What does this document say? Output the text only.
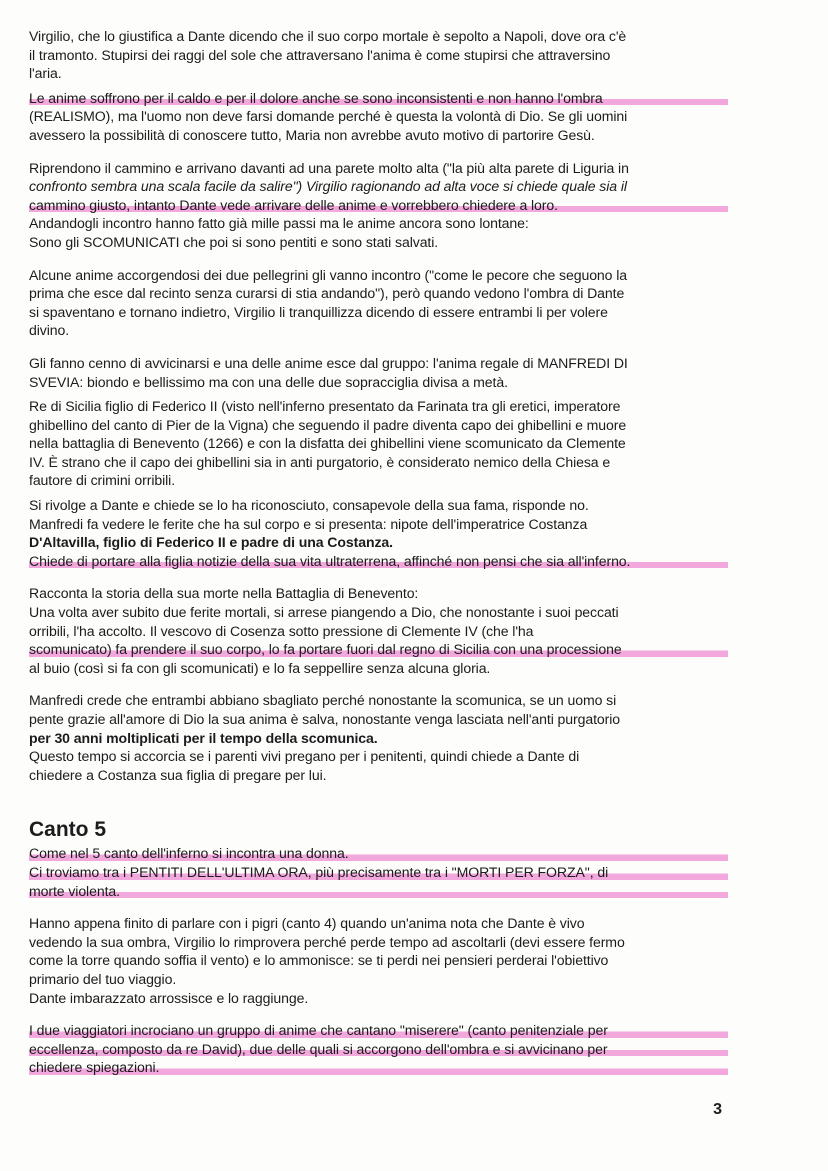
Virgilio, che lo giustifica a Dante dicendo che il suo corpo mortale è sepolto a Napoli, dove ora c'è
il tramonto. Stupirsi dei raggi del sole che attraversano l'anima è come stupirsi che attraversino
l'aria.
Le anime soffrono per il caldo e per il dolore anche se sono inconsistenti e non hanno l'ombra
(REALISMO), ma l'uomo non deve farsi domande perché è questa la volontà di Dio. Se gli uomini
avessero la possibilità di conoscere tutto, Maria non avrebbe avuto motivo di partorire Gesù.
Riprendono il cammino e arrivano davanti ad una parete molto alta ("la più alta parete di Liguria in
confronto sembra una scala facile da salire") Virgilio ragionando ad alta voce si chiede quale sia il
cammino giusto, intanto Dante vede arrivare delle anime e vorrebbero chiedere a loro.
Andandogli incontro hanno fatto già mille passi ma le anime ancora sono lontane:
Sono gli SCOMUNICATI che poi si sono pentiti e sono stati salvati.
Alcune anime accorgendosi dei due pellegrini gli vanno incontro ("come le pecore che seguono la
prima che esce dal recinto senza curarsi di stia andando"), però quando vedono l'ombra di Dante
si spaventano e tornano indietro, Virgilio li tranquillizza dicendo di essere entrambi li per volere
divino.
Gli fanno cenno di avvicinarsi e una delle anime esce dal gruppo: l'anima regale di MANFREDI DI
SVEVIA: biondo e bellissimo ma con una delle due sopracciglia divisa a metà.
Re di Sicilia figlio di Federico II (visto nell'inferno presentato da Farinata tra gli eretici, imperatore
ghibellino del canto di Pier de la Vigna) che seguendo il padre diventa capo dei ghibellini e muore
nella battaglia di Benevento (1266) e con la disfatta dei ghibellini viene scomunicato da Clemente
IV. È strano che il capo dei ghibellini sia in anti purgatorio, è considerato nemico della Chiesa e
fautore di crimini orribili.
Si rivolge a Dante e chiede se lo ha riconosciuto, consapevole della sua fama, risponde no.
Manfredi fa vedere le ferite che ha sul corpo e si presenta: nipote dell'imperatrice Costanza
D'Altavilla, figlio di Federico II e padre di una Costanza.
Chiede di portare alla figlia notizie della sua vita ultraterrena, affinché non pensi che sia all'inferno.
Racconta la storia della sua morte nella Battaglia di Benevento:
Una volta aver subito due ferite mortali, si arrese piangendo a Dio, che nonostante i suoi peccati
orribili, l'ha accolto. Il vescovo di Cosenza sotto pressione di Clemente IV (che l'ha
scomunicato) fa prendere il suo corpo, lo fa portare fuori dal regno di Sicilia con una processione
al buio (così si fa con gli scomunicati) e lo fa seppellire senza alcuna gloria.
Manfredi crede che entrambi abbiano sbagliato perché nonostante la scomunica, se un uomo si
pente grazie all'amore di Dio la sua anima è salva, nonostante venga lasciata nell'anti purgatorio
per 30 anni moltiplicati per il tempo della scomunica.
Questo tempo si accorcia se i parenti vivi pregano per i penitenti, quindi chiede a Dante di
chiedere a Costanza sua figlia di pregare per lui.
Canto 5
Come nel 5 canto dell'inferno si incontra una donna.
Ci troviamo tra i PENTITI DELL'ULTIMA ORA, più precisamente tra i "MORTI PER FORZA", di
morte violenta.
Hanno appena finito di parlare con i pigri (canto 4) quando un'anima nota che Dante è vivo
vedendo la sua ombra, Virgilio lo rimprovera perché perde tempo ad ascoltarli (devi essere fermo
come la torre quando soffia il vento) e lo ammonisce: se ti perdi nei pensieri perderai l'obiettivo
primario del tuo viaggio.
Dante imbarazzato arrossisce e lo raggiunge.
I due viaggiatori incrociano un gruppo di anime che cantano "miserere" (canto penitenziale per
eccellenza, composto da re David), due delle quali si accorgono dell'ombra e si avvicinano per
chiedere spiegazioni.
3
